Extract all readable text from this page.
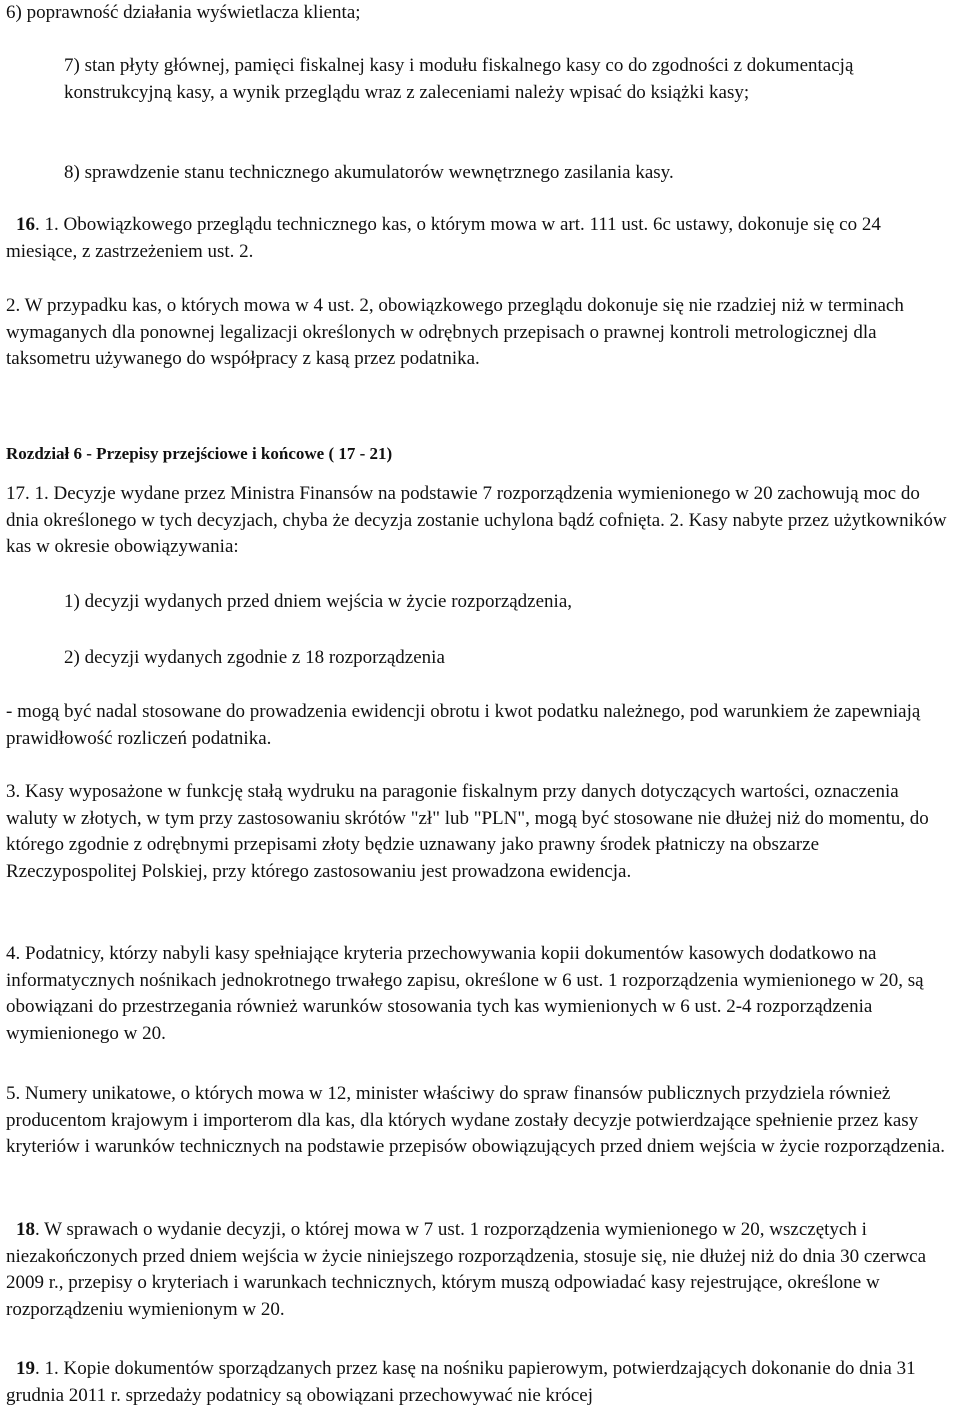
6) poprawność działania wyświetlacza klienta;

7) stan płyty głównej, pamięci fiskalnej kasy i modułu fiskalnego kasy co do zgodności z dokumentacją konstrukcyjną kasy, a wynik przeglądu wraz z zaleceniami należy wpisać do książki kasy;

8) sprawdzenie stanu technicznego akumulatorów wewnętrznego zasilania kasy.

16. 1. Obowiązkowego przeglądu technicznego kas, o którym mowa w art. 111 ust. 6c ustawy, dokonuje się co 24 miesiące, z zastrzeżeniem ust. 2.

2. W przypadku kas, o których mowa w 4 ust. 2, obowiązkowego przeglądu dokonuje się nie rzadziej niż w terminach wymaganych dla ponownej legalizacji określonych w odrębnych przepisach o prawnej kontroli metrologicznej dla taksometru używanego do współpracy z kasą przez podatnika.

Rozdział 6 - Przepisy przejściowe i końcowe ( 17 - 21)

17. 1. Decyzje wydane przez Ministra Finansów na podstawie 7 rozporządzenia wymienionego w 20 zachowują moc do dnia określonego w tych decyzjach, chyba że decyzja zostanie uchylona bądź cofnięta. 2. Kasy nabyte przez użytkowników kas w okresie obowiązywania:

1) decyzji wydanych przed dniem wejścia w życie rozporządzenia,

2) decyzji wydanych zgodnie z 18 rozporządzenia

- mogą być nadal stosowane do prowadzenia ewidencji obrotu i kwot podatku należnego, pod warunkiem że zapewniają prawidłowość rozliczeń podatnika.

3. Kasy wyposażone w funkcję stałą wydruku na paragonie fiskalnym przy danych dotyczących wartości, oznaczenia waluty w złotych, w tym przy zastosowaniu skrótów "zł" lub "PLN", mogą być stosowane nie dłużej niż do momentu, do którego zgodnie z odrębnymi przepisami złoty będzie uznawany jako prawny środek płatniczy na obszarze Rzeczypospolitej Polskiej, przy którego zastosowaniu jest prowadzona ewidencja.

4. Podatnicy, którzy nabyli kasy spełniające kryteria przechowywania kopii dokumentów kasowych dodatkowo na informatycznych nośnikach jednokrotnego trwałego zapisu, określone w 6 ust. 1 rozporządzenia wymienionego w 20, są obowiązani do przestrzegania również warunków stosowania tych kas wymienionych w 6 ust. 2-4 rozporządzenia wymienionego w 20.

5. Numery unikatowe, o których mowa w 12, minister właściwy do spraw finansów publicznych przydziela również producentom krajowym i importerom dla kas, dla których wydane zostały decyzje potwierdzające spełnienie przez kasy kryteriów i warunków technicznych na podstawie przepisów obowiązujących przed dniem wejścia w życie rozporządzenia.

18. W sprawach o wydanie decyzji, o której mowa w 7 ust. 1 rozporządzenia wymienionego w 20, wszczętych i niezakończonych przed dniem wejścia w życie niniejszego rozporządzenia, stosuje się, nie dłużej niż do dnia 30 czerwca 2009 r., przepisy o kryteriach i warunkach technicznych, którym muszą odpowiadać kasy rejestrujące, określone w rozporządzeniu wymienionym w 20.

19. 1. Kopie dokumentów sporządzanych przez kasę na nośniku papierowym, potwierdzających dokonanie do dnia 31 grudnia 2011 r. sprzedaży podatnicy są obowiązani przechowywać nie krócej
